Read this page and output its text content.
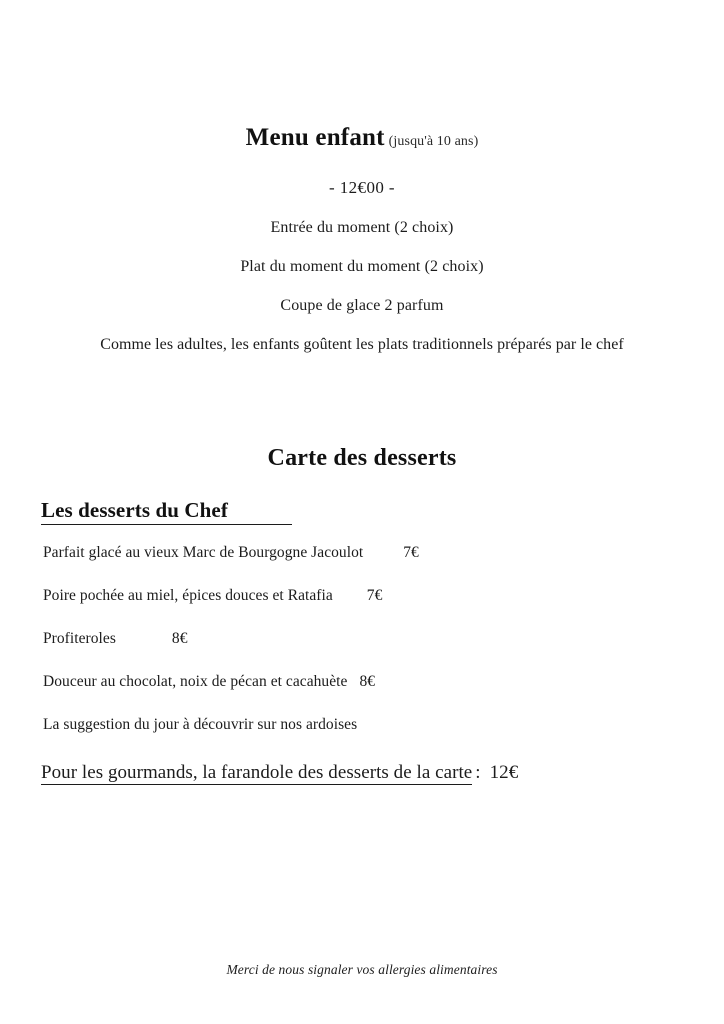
Menu enfant (jusqu'à 10 ans)
- 12€00 -
Entrée du moment (2 choix)
Plat du moment du moment (2 choix)
Coupe de glace 2 parfum
Comme les adultes, les enfants goûtent les plats traditionnels préparés par le chef
Carte des desserts
Les desserts du Chef
Parfait glacé au vieux Marc de Bourgogne Jacoulot	7€
Poire pochée au miel, épices douces et Ratafia 7€
Profiteroles	8€
Douceur au chocolat, noix de pécan et cacahuète 8€
La suggestion du jour à découvrir sur nos ardoises
Pour les gourmands, la farandole des desserts de la carte : 12€
Merci de nous signaler vos allergies alimentaires
